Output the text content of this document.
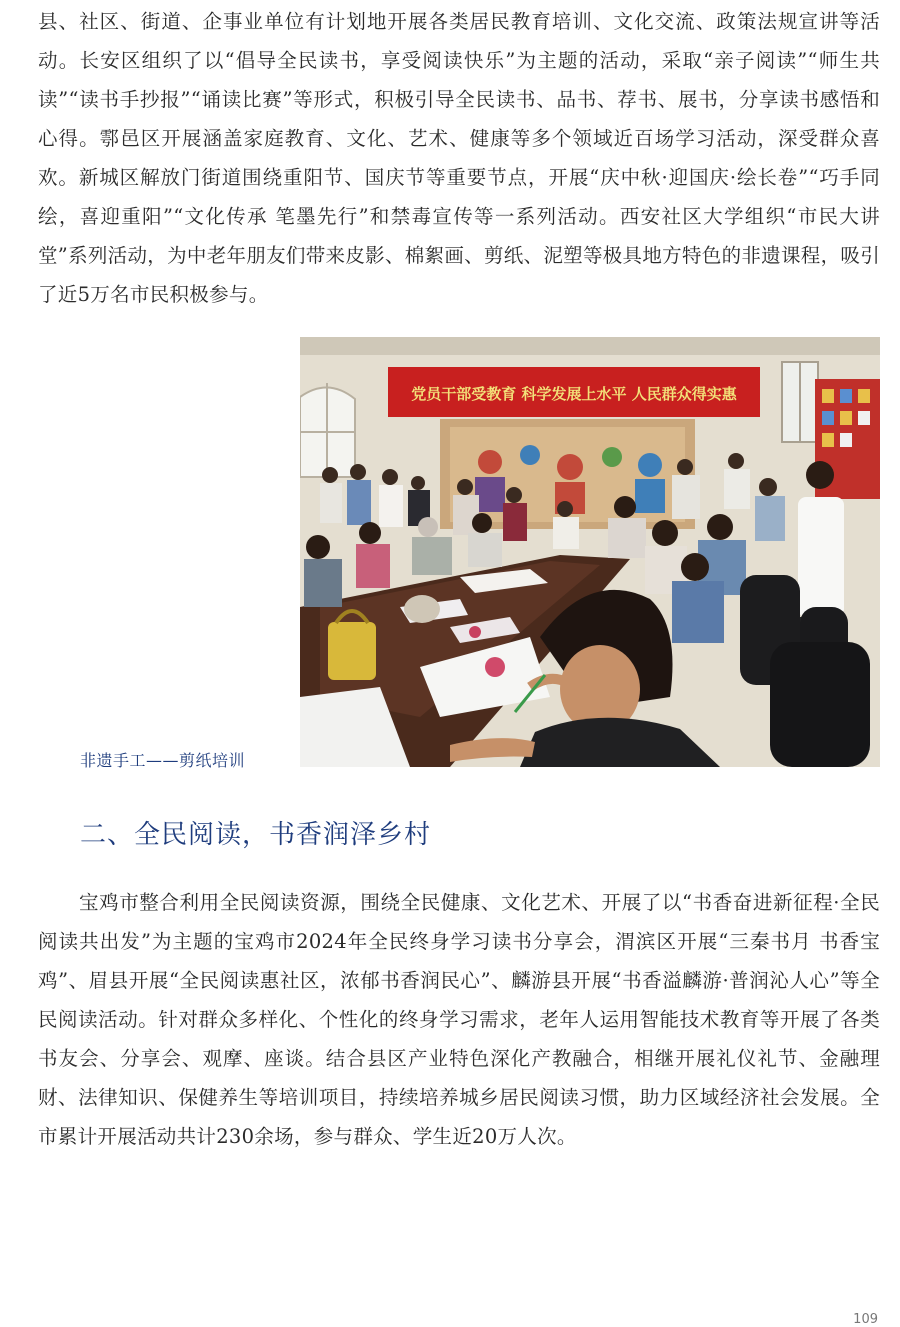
县、社区、街道、企事业单位有计划地开展各类居民教育培训、文化交流、政策法规宣讲等活动。长安区组织了以“倡导全民读书，享受阅读快乐”为主题的活动，采取“亲子阅读”“师生共读”“读书手抄报”“诵读比赛”等形式，积极引导全民读书、品书、荐书、展书，分享读书感悟和心得。鄠邑区开展涵盖家庭教育、文化、艺术、健康等多个领域近百场学习活动，深受群众喜欢。新城区解放门街道围绕重阳节、国庆节等重要节点，开展“庆中秋·迎国庆·绘长卷”“巧手同绘，喜迎重阳”“文化传承 笔墨先行”和禁毒宣传等一系列活动。西安社区大学组织“市民大讲堂”系列活动，为中老年朋友们带来皮影、棉絮画、剪纸、泥塑等极具地方特色的非遗课程，吸引了近5万名市民积极参与。

党员干部受教育 科学发展上水平 人民群众得实惠
非遗手工——剪纸培训
二、全民阅读，书香润泽乡村

宝鸡市整合利用全民阅读资源，围绕全民健康、文化艺术、开展了以“书香奋进新征程·全民阅读共出发”为主题的宝鸡市2024年全民终身学习读书分享会，渭滨区开展“三秦书月 书香宝鸡”、眉县开展“全民阅读惠社区，浓郁书香润民心”、麟游县开展“书香溢麟游·普润沁人心”等全民阅读活动。针对群众多样化、个性化的终身学习需求，老年人运用智能技术教育等开展了各类书友会、分享会、观摩、座谈。结合县区产业特色深化产教融合，相继开展礼仪礼节、金融理财、法律知识、保健养生等培训项目，持续培养城乡居民阅读习惯，助力区域经济社会发展。全市累计开展活动共计230余场，参与群众、学生近20万人次。

109
